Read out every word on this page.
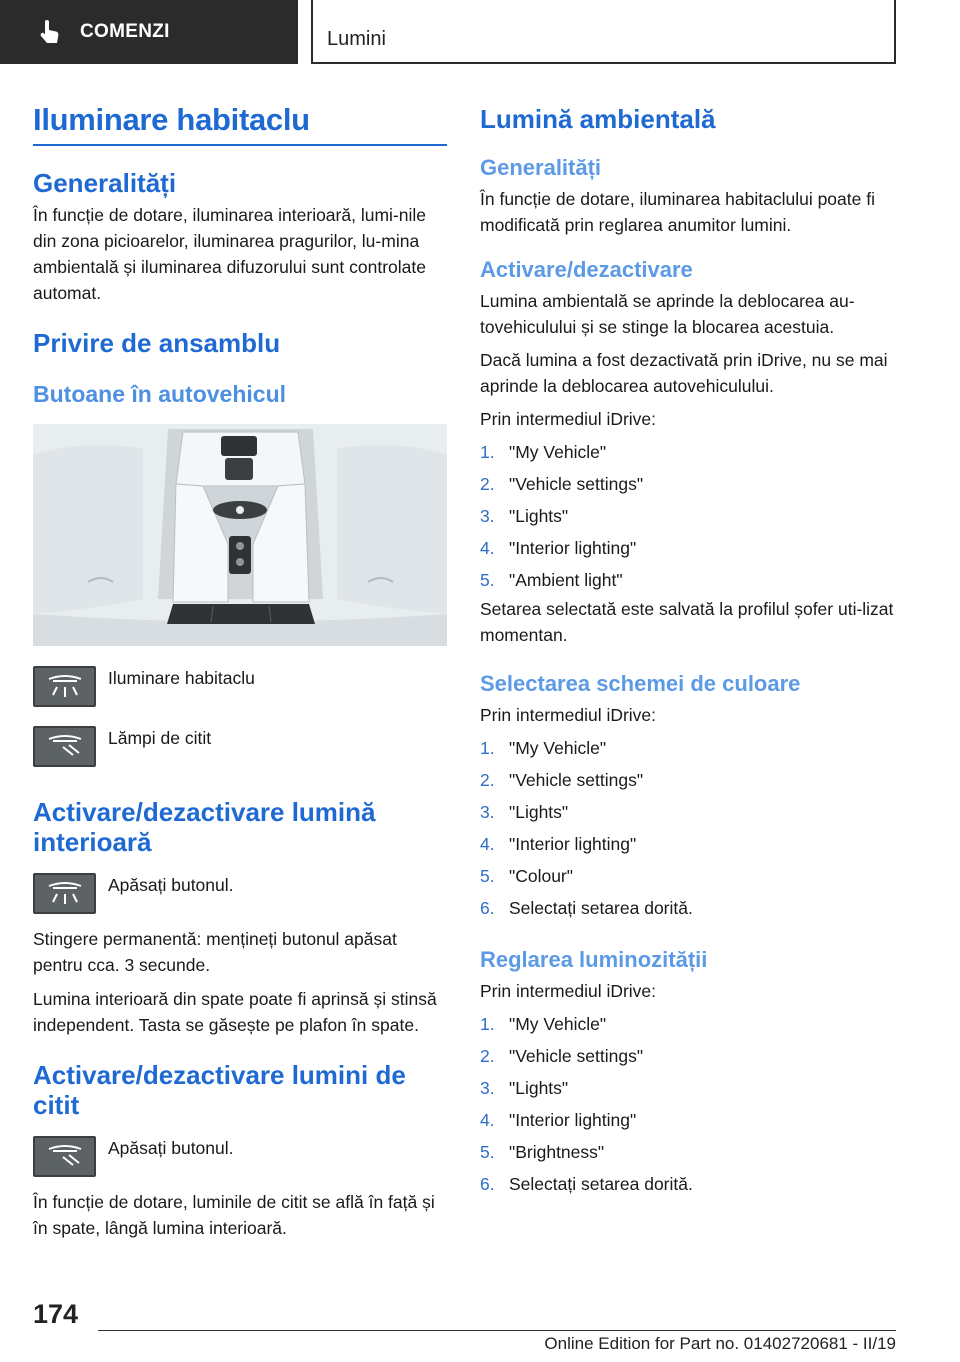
COMENZI	Lumini
Iluminare habitaclu
Generalități

În funcție de dotare, iluminarea interioară, lumi-nile din zona picioarelor, iluminarea pragurilor, lu-mina ambientală și iluminarea difuzorului sunt controlate automat.

Privire de ansamblu
Butoane în autovehicul
Iluminare habitaclu
Lămpi de citit
Activare/dezactivare lumină interioară
Apăsați butonul.

Stingere permanentă: mențineți butonul apăsat pentru cca. 3 secunde.

Lumina interioară din spate poate fi aprinsă și stinsă independent. Tasta se găsește pe plafon în spate.

Activare/dezactivare lumini de citit
Apăsați butonul.

În funcție de dotare, luminile de citit se află în față și în spate, lângă lumina interioară.

Lumină ambientală
Generalități

În funcție de dotare, iluminarea habitaclului poate fi modificată prin reglarea anumitor lumini.

Activare/dezactivare

Lumina ambientală se aprinde la deblocarea au-tovehiculului și se stinge la blocarea acestuia.

Dacă lumina a fost dezactivată prin iDrive, nu se mai aprinde la deblocarea autovehiculului.

Prin intermediul iDrive:

1. "My Vehicle"
2. "Vehicle settings"
3. "Lights"
4. "Interior lighting"
5. "Ambient light"

Setarea selectată este salvată la profilul șofer uti-lizat momentan.

Selectarea schemei de culoare

Prin intermediul iDrive:

1. "My Vehicle"
2. "Vehicle settings"
3. "Lights"
4. "Interior lighting"
5. "Colour"
6. Selectați setarea dorită.
Reglarea luminozității

Prin intermediul iDrive:

1. "My Vehicle"
2. "Vehicle settings"
3. "Lights"
4. "Interior lighting"
5. "Brightness"
6. Selectați setarea dorită.
174
Online Edition for Part no. 01402720681 - II/19
